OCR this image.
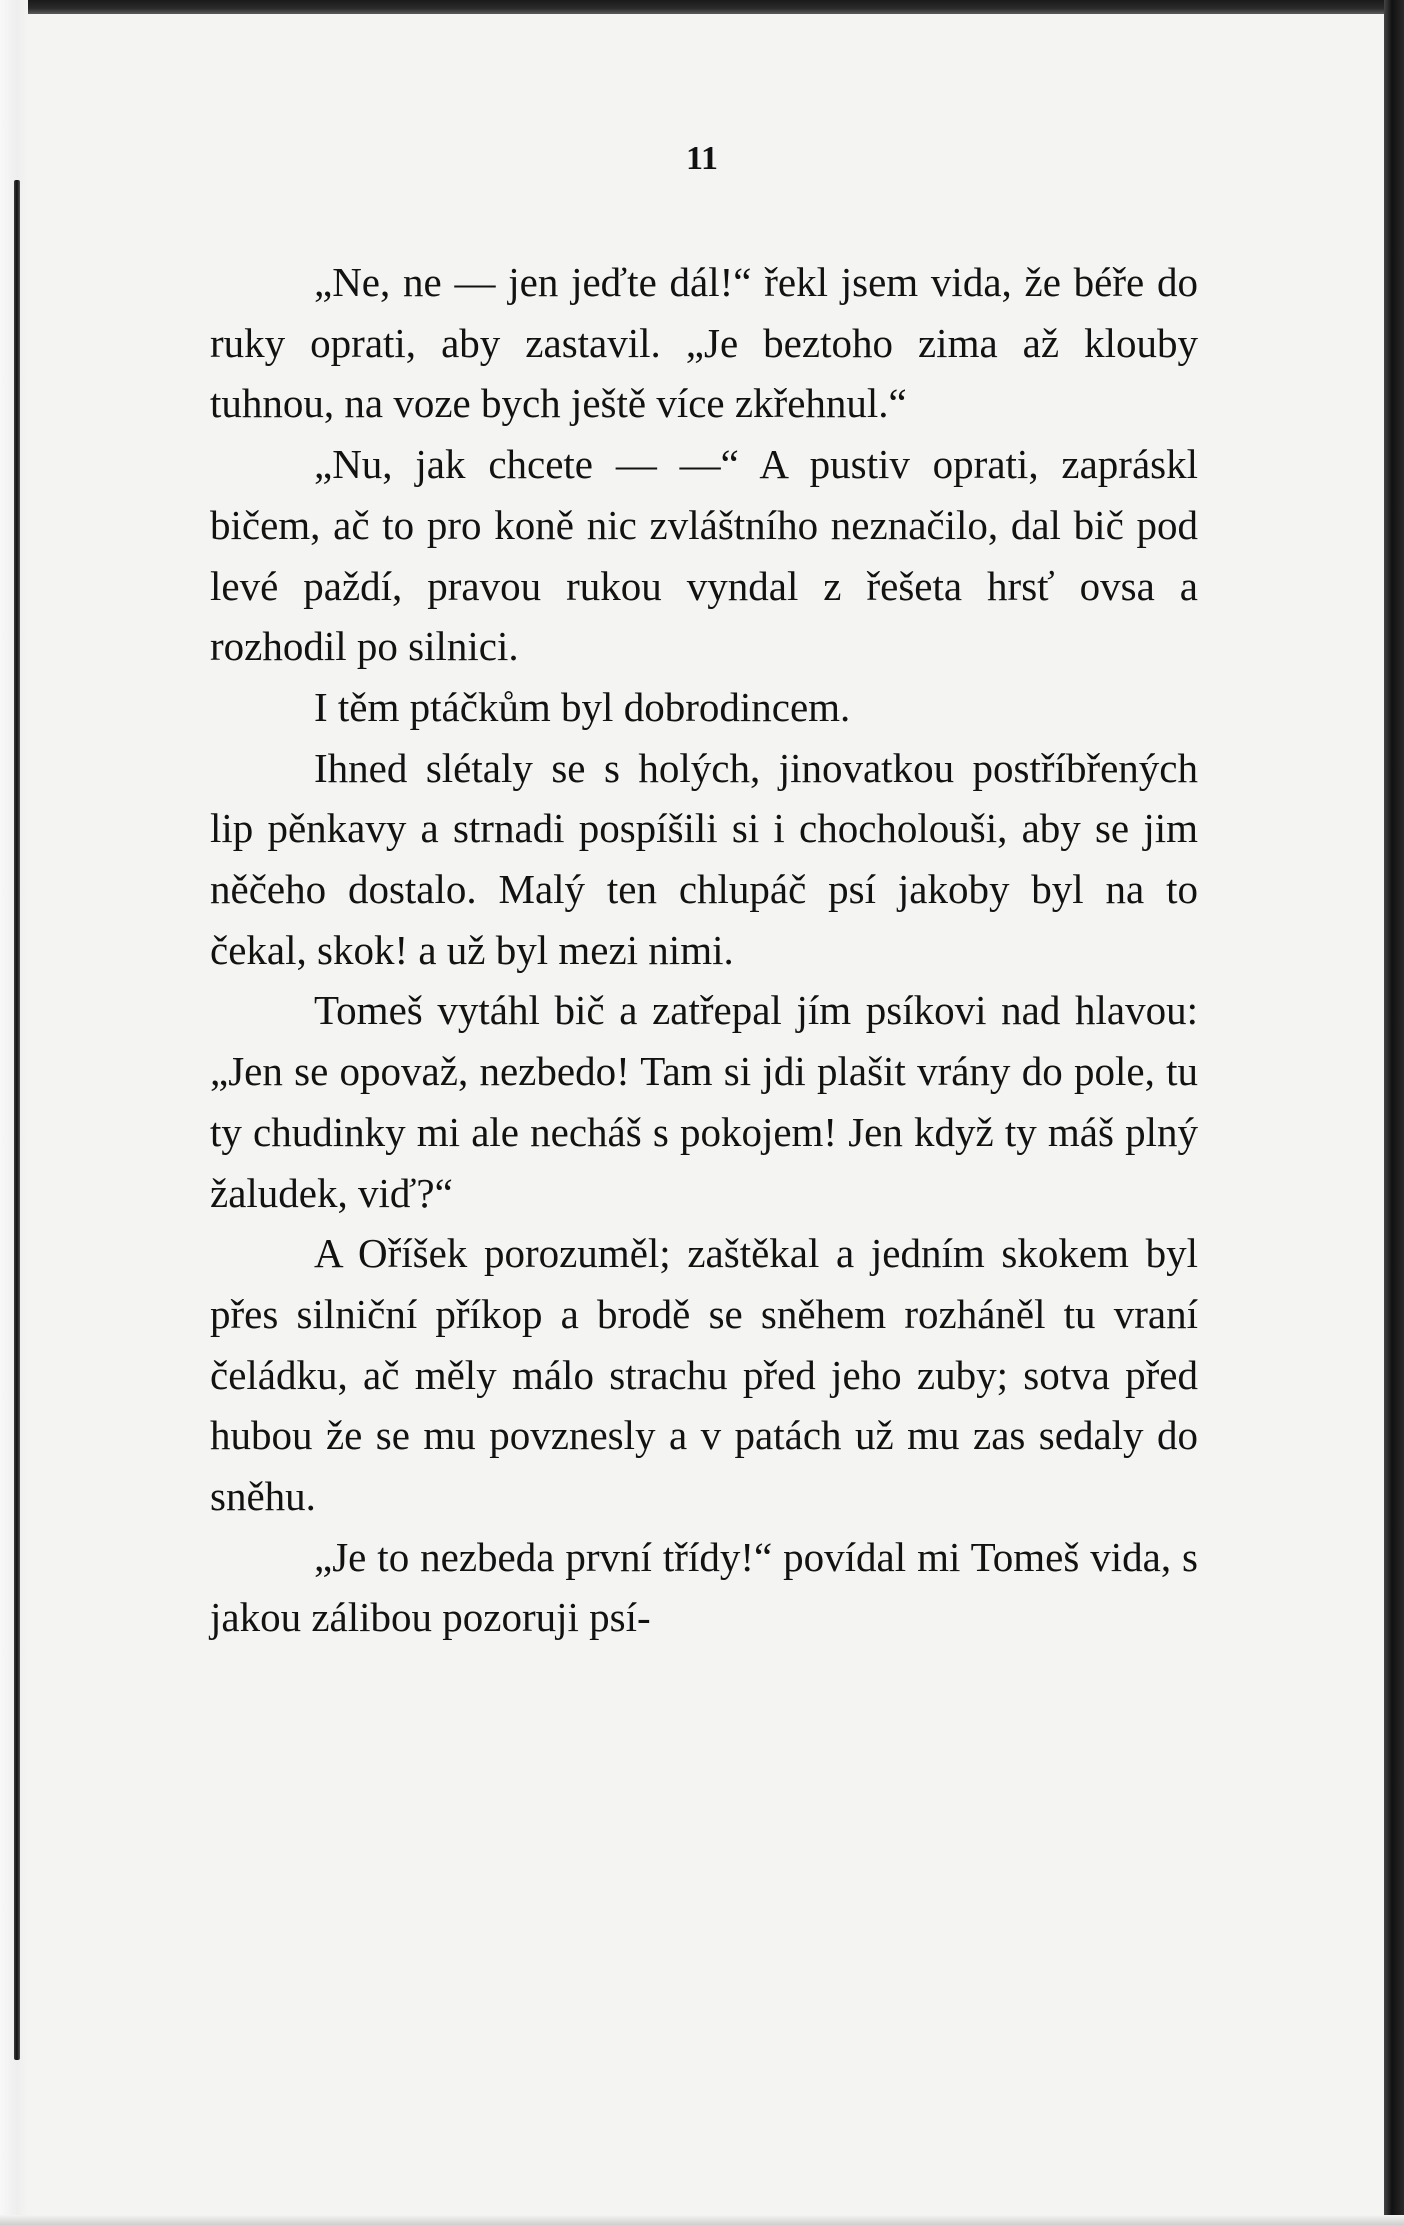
11

„Ne, ne — jen jeďte dál!“ řekl jsem vida, že béře do ruky oprati, aby zastavil. „Je beztoho zima až klouby tuhnou, na voze bych ještě více zkřehnul.“

„Nu, jak chcete — —“ A pustiv oprati, zapráskl bičem, ač to pro koně nic zvláštního neznačilo, dal bič pod levé paždí, pravou rukou vyndal z řešeta hrsť ovsa a rozhodil po silnici.

I těm ptáčkům byl dobrodincem.

Ihned slétaly se s holých, jinovatkou postříbřených lip pěnkavy a strnadi pospíšili si i chocholouši, aby se jim něčeho dostalo. Malý ten chlupáč psí jakoby byl na to čekal, skok! a už byl mezi nimi.

Tomeš vytáhl bič a zatřepal jím psíkovi nad hlavou: „Jen se opovaž, nezbedo! Tam si jdi plašit vrány do pole, tu ty chudinky mi ale necháš s pokojem! Jen když ty máš plný žaludek, viď?“

A Oříšek porozuměl; zaštěkal a jedním skokem byl přes silniční příkop a brodě se sněhem rozháněl tu vraní čeládku, ač měly málo strachu před jeho zuby; sotva před hubou že se mu povznesly a v patách už mu zas sedaly do sněhu.

„Je to nezbeda první třídy!“ povídal mi Tomeš vida, s jakou zálibou pozoruji psí-
